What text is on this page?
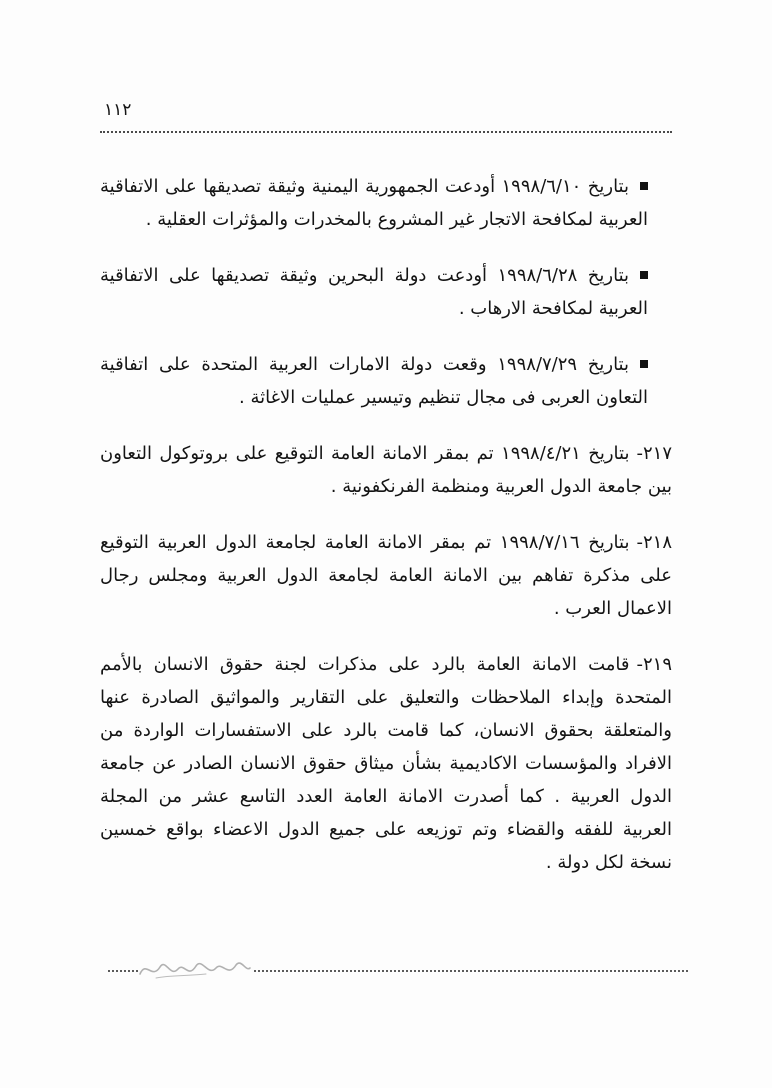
١١٢

بتاريخ ١٩٩٨/٦/١٠ أودعت الجمهورية اليمنية وثيقة تصديقها على الاتفاقية العربية لمكافحة الاتجار غير المشروع بالمخدرات والمؤثرات العقلية .

بتاريخ ١٩٩٨/٦/٢٨ أودعت دولة البحرين وثيقة تصديقها على الاتفاقية العربية لمكافحة الارهاب .

بتاريخ ١٩٩٨/٧/٢٩ وقعت دولة الامارات العربية المتحدة على اتفاقية التعاون العربى فى مجال تنظيم وتيسير عمليات الاغاثة .

٢١٧-بتاريخ ١٩٩٨/٤/٢١ تم بمقر الامانة العامة التوقيع على بروتوكول التعاون بين جامعة الدول العربية ومنظمة الفرنكفونية .

٢١٨-بتاريخ ١٩٩٨/٧/١٦ تم بمقر الامانة العامة لجامعة الدول العربية التوقيع على مذكرة تفاهم بين الامانة العامة لجامعة الدول العربية ومجلس رجال الاعمال العرب .

٢١٩-قامت الامانة العامة بالرد على مذكرات لجنة حقوق الانسان بالأمم المتحدة وإبداء الملاحظات والتعليق على التقارير والمواثيق الصادرة عنها والمتعلقة بحقوق الانسان، كما قامت بالرد على الاستفسارات الواردة من الافراد والمؤسسات الاكاديمية بشأن ميثاق حقوق الانسان الصادر عن جامعة الدول العربية . كما أصدرت الامانة العامة العدد التاسع عشر من المجلة العربية للفقه والقضاء وتم توزيعه على جميع الدول الاعضاء بواقع خمسين نسخة لكل دولة .
